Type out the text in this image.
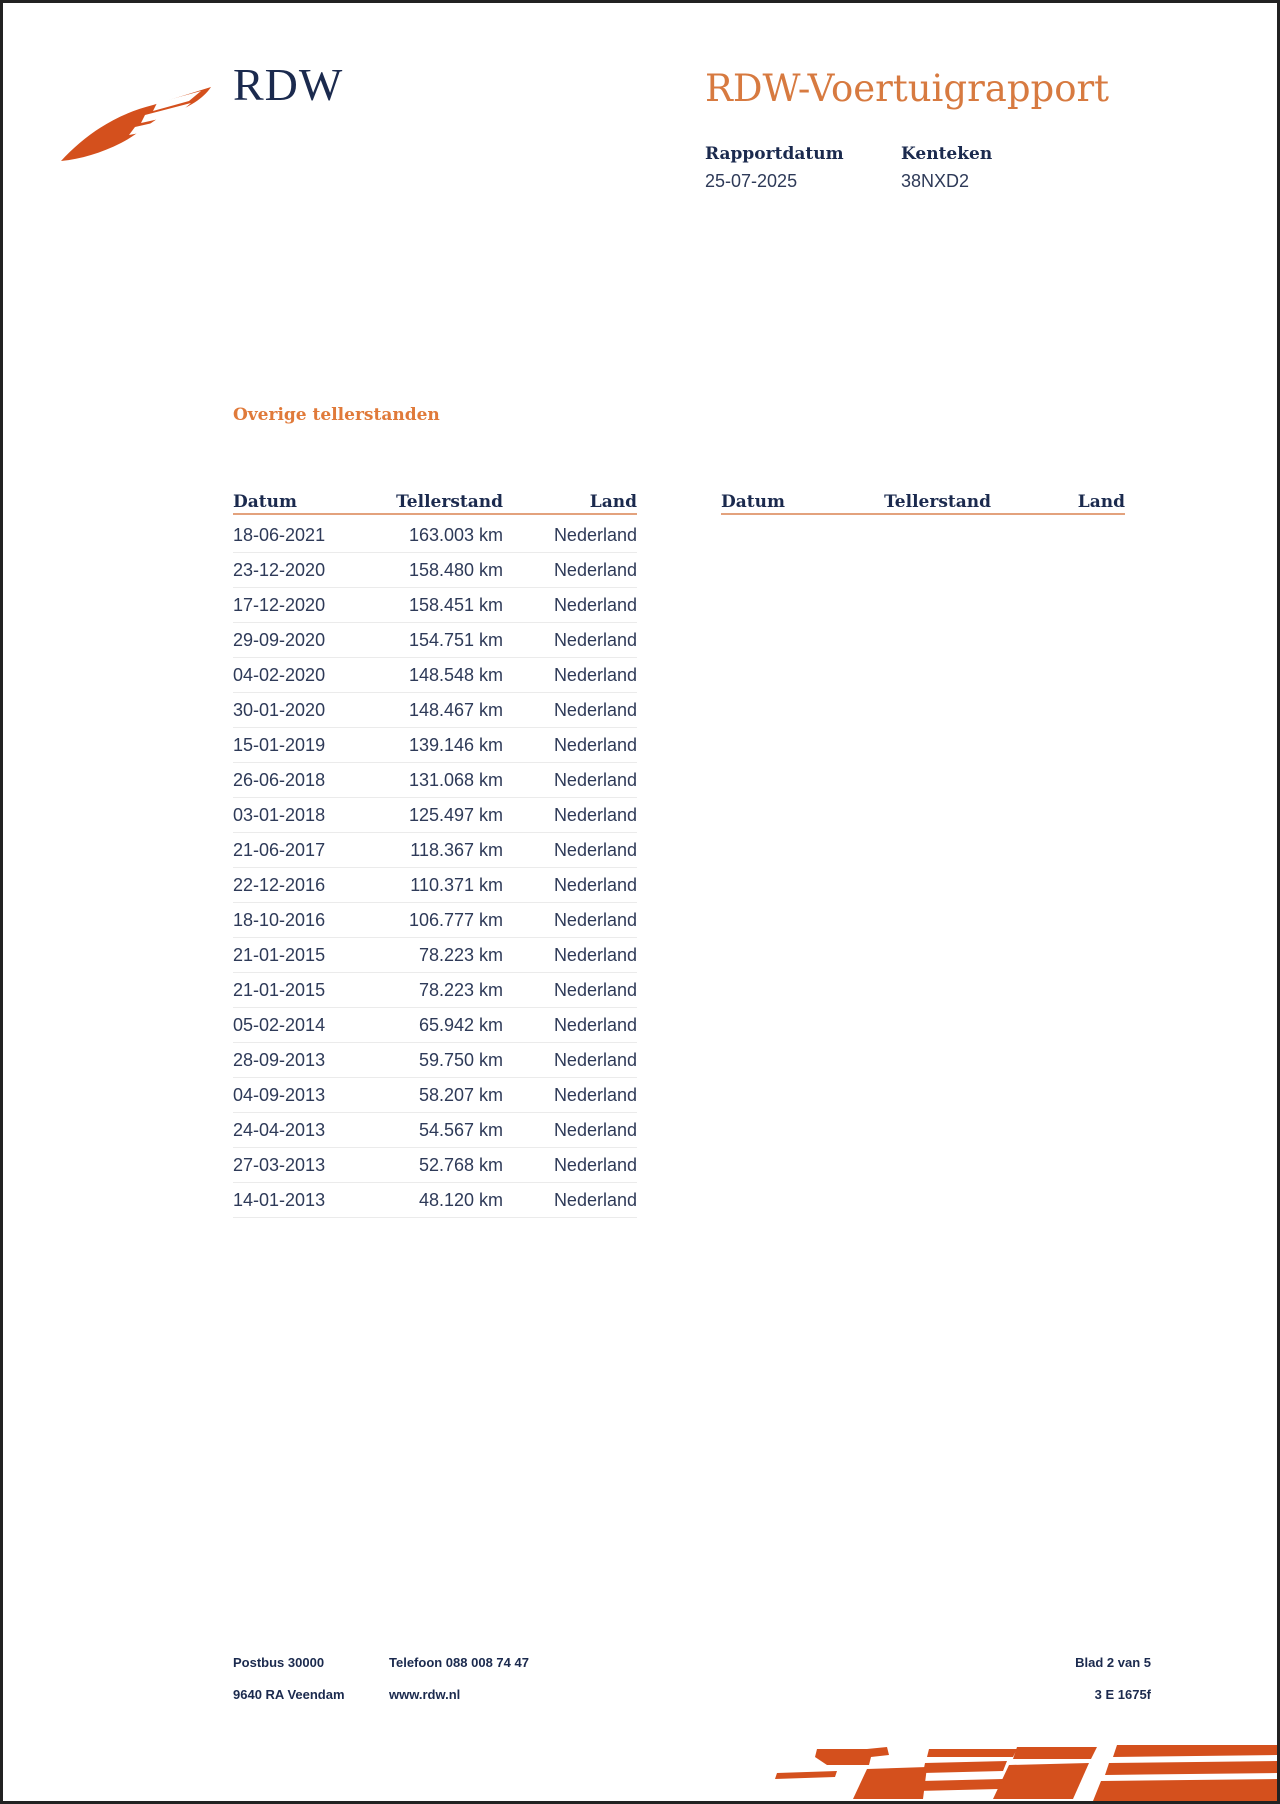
RDW	RDW-Voertuigrapport
Rapportdatum
25-07-2025
Kenteken
38NXD2
Overige tellerstanden
Datum	Tellerstand	Land
18-06-2021	163.003 km	Nederland
23-12-2020	158.480 km	Nederland
17-12-2020	158.451 km	Nederland
29-09-2020	154.751 km	Nederland
04-02-2020	148.548 km	Nederland
30-01-2020	148.467 km	Nederland
15-01-2019	139.146 km	Nederland
26-06-2018	131.068 km	Nederland
03-01-2018	125.497 km	Nederland
21-06-2017	118.367 km	Nederland
22-12-2016	110.371 km	Nederland
18-10-2016	106.777 km	Nederland
21-01-2015	78.223 km	Nederland
21-01-2015	78.223 km	Nederland
05-02-2014	65.942 km	Nederland
28-09-2013	59.750 km	Nederland
04-09-2013	58.207 km	Nederland
24-04-2013	54.567 km	Nederland
27-03-2013	52.768 km	Nederland
14-01-2013	48.120 km	Nederland
Datum	Tellerstand	Land
Postbus 30000
9640 RA Veendam
Telefoon 088 008 74 47
www.rdw.nl
Blad 2 van 5
3 E 1675f
